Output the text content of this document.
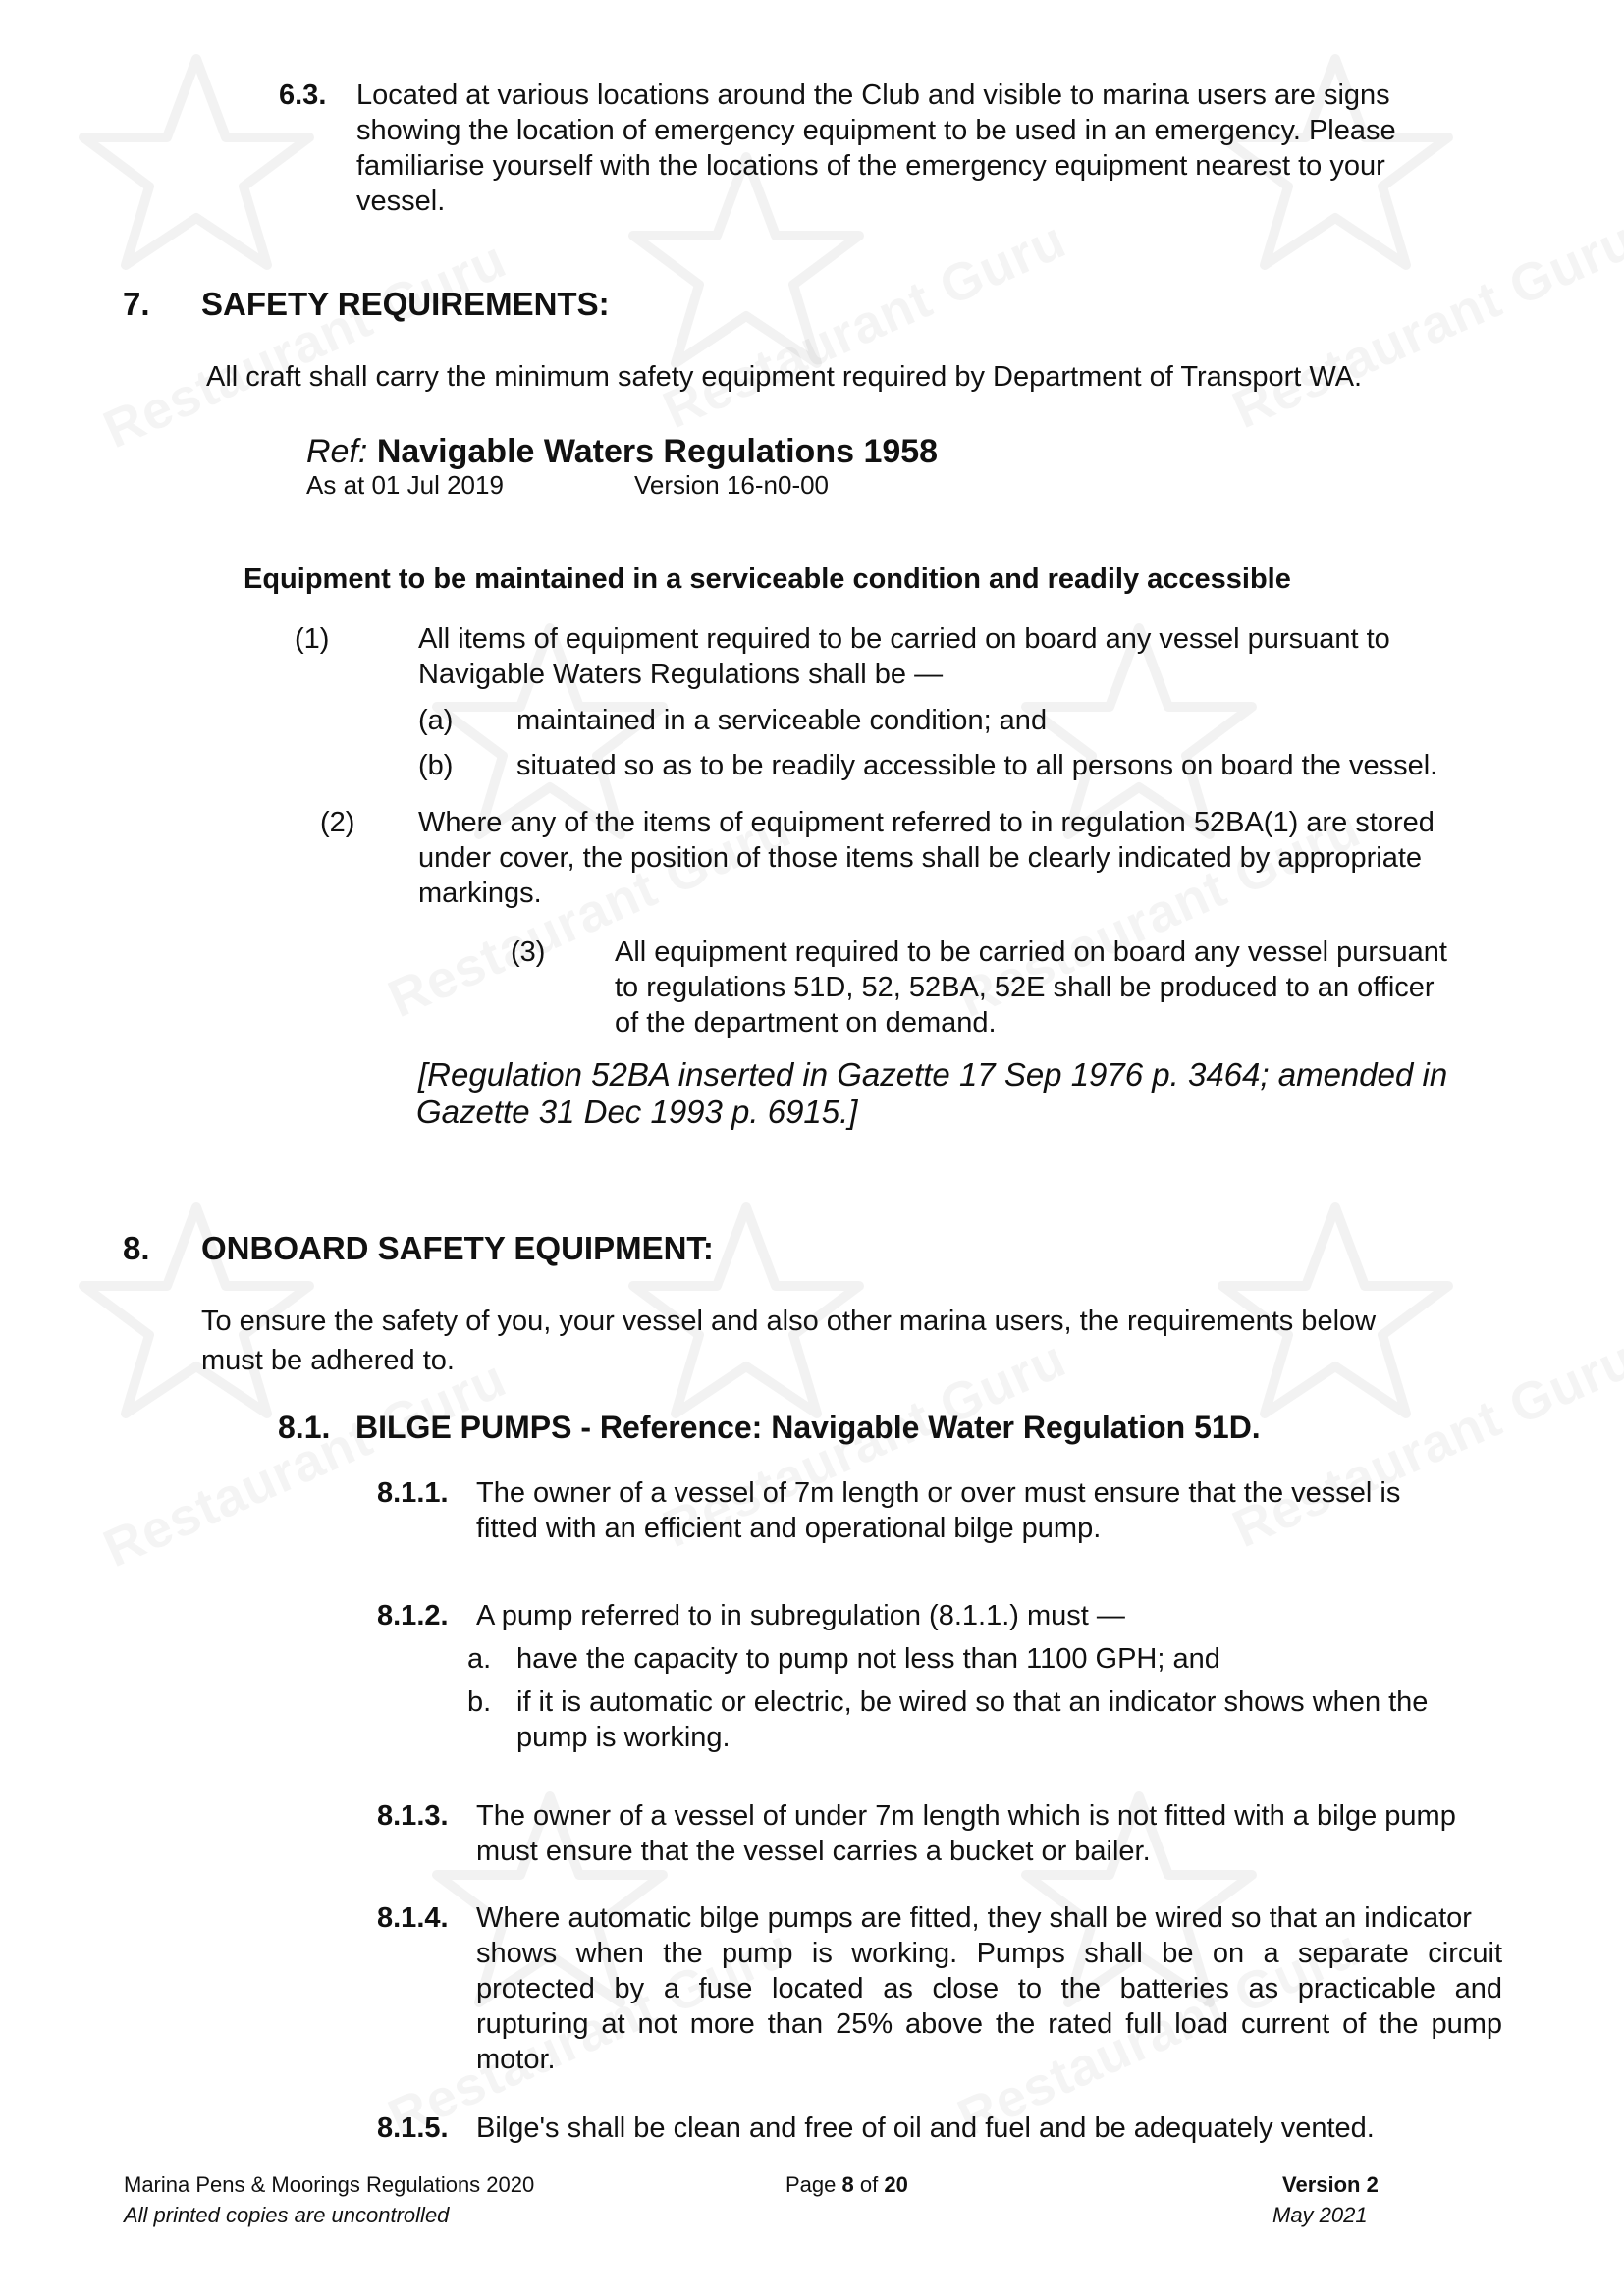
6.3. Located at various locations around the Club and visible to marina users are signs

showing the location of emergency equipment to be used in an emergency. Please

familiarise yourself with the locations of the emergency equipment nearest to your

vessel.

7. SAFETY REQUIREMENTS:

All craft shall carry the minimum safety equipment required by Department of Transport WA.

Ref: Navigable Waters Regulations 1958

As at 01 Jul 2019	Version 16-n0-00

Equipment to be maintained in a serviceable condition and readily accessible

(1)	All items of equipment required to be carried on board any vessel pursuant to

Navigable Waters Regulations shall be —

(a) maintained in a serviceable condition; and

(b) situated so as to be readily accessible to all persons on board the vessel.

(2) Where any of the items of equipment referred to in regulation 52BA(1) are stored

under cover, the position of those items shall be clearly indicated by appropriate

markings.

(3) All equipment required to be carried on board any vessel pursuant

to regulations 51D, 52, 52BA, 52E shall be produced to an officer

of the department on demand.

[Regulation 52BA inserted in Gazette 17 Sep 1976 p. 3464; amended in

Gazette 31 Dec 1993 p. 6915.]

8. ONBOARD SAFETY EQUIPMENT:

To ensure the safety of you, your vessel and also other marina users, the requirements below

must be adhered to.

8.1. BILGE PUMPS - Reference: Navigable Water Regulation 51D.

8.1.1. The owner of a vessel of 7m length or over must ensure that the vessel is

fitted with an efficient and operational bilge pump.

8.1.2. A pump referred to in subregulation (8.1.1.) must —

a. have the capacity to pump not less than 1100 GPH; and

b. if it is automatic or electric, be wired so that an indicator shows when the

pump is working.

8.1.3. The owner of a vessel of under 7m length which is not fitted with a bilge pump

must ensure that the vessel carries a bucket or bailer.

8.1.4. Where automatic bilge pumps are fitted, they shall be wired so that an indicator

shows when the pump is working. Pumps shall be on a separate circuit

protected by a fuse located as close to the batteries as practicable and

rupturing at not more than 25% above the rated full load current of the pump

motor.

8.1.5. Bilge's shall be clean and free of oil and fuel and be adequately vented.

Marina Pens & Moorings Regulations 2020

All printed copies are uncontrolled

Page 8 of 20	Version 2

May 2021
